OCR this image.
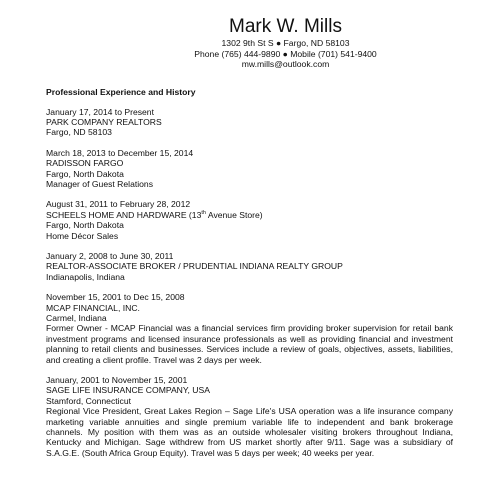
Mark W. Mills
1302 9th St S ● Fargo, ND 58103
Phone (765) 444-9890 ● Mobile (701) 541-9400
mw.mills@outlook.com
Professional Experience and History
January 17, 2014 to Present
PARK COMPANY REALTORS
Fargo, ND 58103
March 18, 2013 to December 15, 2014
RADISSON FARGO
Fargo, North Dakota
Manager of Guest Relations
August 31, 2011 to February 28, 2012
SCHEELS HOME AND HARDWARE (13th Avenue Store)
Fargo, North Dakota
Home Décor Sales
January 2, 2008 to June 30, 2011
REALTOR-ASSOCIATE BROKER / PRUDENTIAL INDIANA REALTY GROUP
Indianapolis, Indiana
November 15, 2001 to Dec 15, 2008
MCAP FINANCIAL, INC.
Carmel, Indiana
Former Owner - MCAP Financial was a financial services firm providing broker supervision for retail bank investment programs and licensed insurance professionals as well as providing financial and investment planning to retail clients and businesses. Services include a review of goals, objectives, assets, liabilities, and creating a client profile. Travel was 2 days per week.
January, 2001 to November 15, 2001
SAGE LIFE INSURANCE COMPANY, USA
Stamford, Connecticut
Regional Vice President, Great Lakes Region – Sage Life's USA operation was a life insurance company marketing variable annuities and single premium variable life to independent and bank brokerage channels. My position with them was as an outside wholesaler visiting brokers throughout Indiana, Kentucky and Michigan. Sage withdrew from US market shortly after 9/11. Sage was a subsidiary of S.A.G.E. (South Africa Group Equity). Travel was 5 days per week; 40 weeks per year.
